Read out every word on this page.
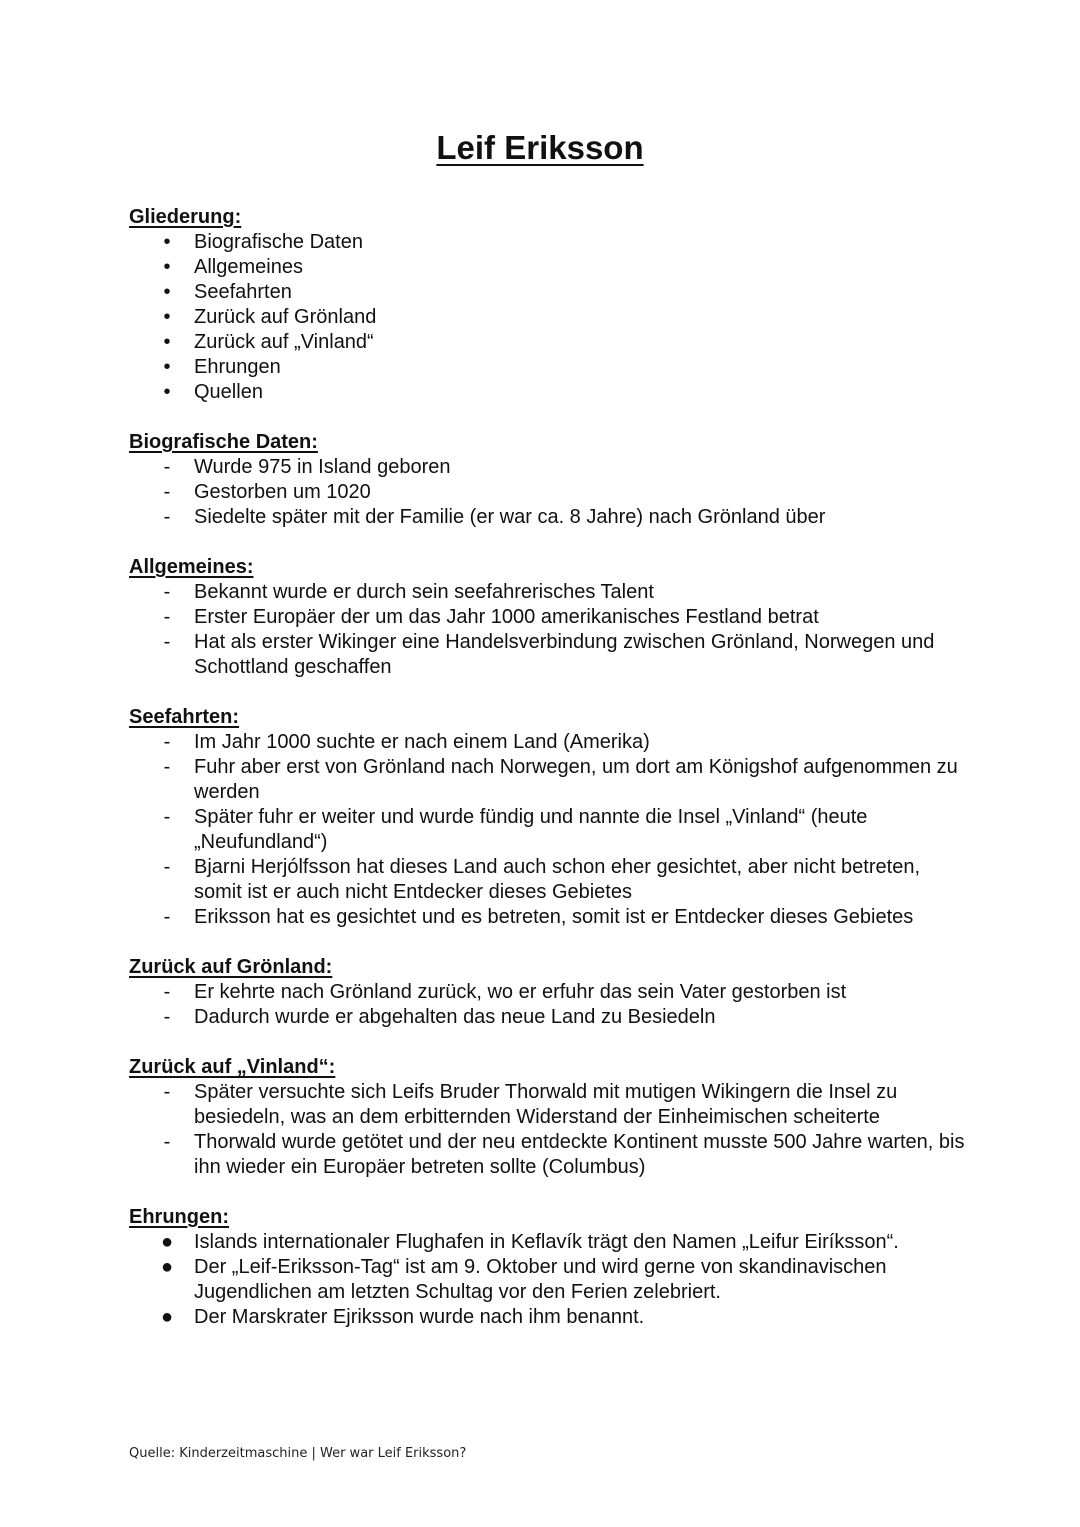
Leif Eriksson
Gliederung:
•	Biografische Daten
•	Allgemeines
•	Seefahrten
•	Zurück auf Grönland
•	Zurück auf „Vinland“
•	Ehrungen
•	Quellen
Biografische Daten:
-	Wurde 975 in Island geboren
-	Gestorben um 1020
-	Siedelte später mit der Familie (er war ca. 8 Jahre) nach Grönland über
Allgemeines:
-	Bekannt wurde er durch sein seefahrerisches Talent
-	Erster Europäer der um das Jahr 1000 amerikanisches Festland betrat
-	Hat als erster Wikinger eine Handelsverbindung zwischen Grönland, Norwegen und Schottland geschaffen
Seefahrten:
-	Im Jahr 1000 suchte er nach einem Land (Amerika)
-	Fuhr aber erst von Grönland nach Norwegen, um dort am Königshof aufgenommen zu werden
-	Später fuhr er weiter und wurde fündig und nannte die Insel „Vinland“ (heute „Neufundland“)
-	Bjarni Herjólfsson hat dieses Land auch schon eher gesichtet, aber nicht betreten, somit ist er auch nicht Entdecker dieses Gebietes
-	Eriksson hat es gesichtet und es betreten, somit ist er Entdecker dieses Gebietes
Zurück auf Grönland:
-	Er kehrte nach Grönland zurück, wo er erfuhr das sein Vater gestorben ist
-	Dadurch wurde er abgehalten das neue Land zu Besiedeln
Zurück auf „Vinland“:
-	Später versuchte sich Leifs Bruder Thorwald mit mutigen Wikingern die Insel zu besiedeln, was an dem erbitternden Widerstand der Einheimischen scheiterte
-	Thorwald wurde getötet und der neu entdeckte Kontinent musste 500 Jahre warten, bis ihn wieder ein Europäer betreten sollte (Columbus)
Ehrungen:
● Islands internationaler Flughafen in Keflavík trägt den Namen „Leifur Eiríksson“.
● Der „Leif-Eriksson-Tag“ ist am 9. Oktober und wird gerne von skandinavischen Jugendlichen am letzten Schultag vor den Ferien zelebriert.
● Der Marskrater Ejriksson wurde nach ihm benannt.
Quelle: Kinderzeitmaschine | Wer war Leif Eriksson?
